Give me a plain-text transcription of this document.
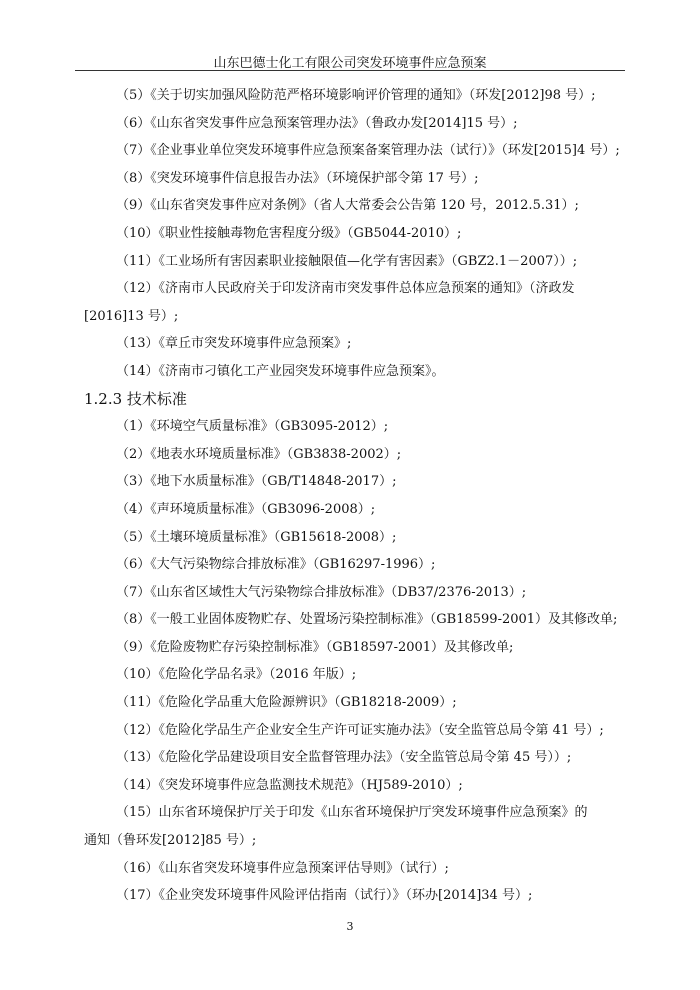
山东巴德士化工有限公司突发环境事件应急预案
（5）《关于切实加强风险防范严格环境影响评价管理的通知》（环发[2012]98 号）;
（6）《山东省突发事件应急预案管理办法》（鲁政办发[2014]15 号）;
（7）《企业事业单位突发环境事件应急预案备案管理办法（试行）》（环发[2015]4 号）;
（8）《突发环境事件信息报告办法》（环境保护部令第 17 号）;
（9）《山东省突发事件应对条例》（省人大常委会公告第 120 号，2012.5.31）;
（10）《职业性接触毒物危害程度分级》（GB5044-2010）;
（11）《工业场所有害因素职业接触限值—化学有害因素》（GBZ2.1－2007））;
（12）《济南市人民政府关于印发济南市突发事件总体应急预案的通知》（济政发
[2016]13 号）;
（13）《章丘市突发环境事件应急预案》;
（14）《济南市刁镇化工产业园突发环境事件应急预案》。
1.2.3 技术标准
（1）《环境空气质量标准》（GB3095-2012）;
（2）《地表水环境质量标准》（GB3838-2002）;
（3）《地下水质量标准》（GB/T14848-2017）;
（4）《声环境质量标准》（GB3096-2008）;
（5）《土壤环境质量标准》（GB15618-2008）;
（6）《大气污染物综合排放标准》（GB16297-1996）;
（7）《山东省区域性大气污染物综合排放标准》（DB37/2376-2013）;
（8）《一般工业固体废物贮存、处置场污染控制标准》（GB18599-2001）及其修改单;
（9）《危险废物贮存污染控制标准》（GB18597-2001）及其修改单;
（10）《危险化学品名录》（2016 年版）;
（11）《危险化学品重大危险源辨识》（GB18218-2009）;
（12）《危险化学品生产企业安全生产许可证实施办法》（安全监管总局令第 41 号）;
（13）《危险化学品建设项目安全监督管理办法》（安全监管总局令第 45 号））;
（14）《突发环境事件应急监测技术规范》（HJ589-2010）;
（15）山东省环境保护厅关于印发《山东省环境保护厅突发环境事件应急预案》的
通知（鲁环发[2012]85 号）;
（16）《山东省突发环境事件应急预案评估导则》（试行）;
（17）《企业突发环境事件风险评估指南（试行）》（环办[2014]34 号）;
3
